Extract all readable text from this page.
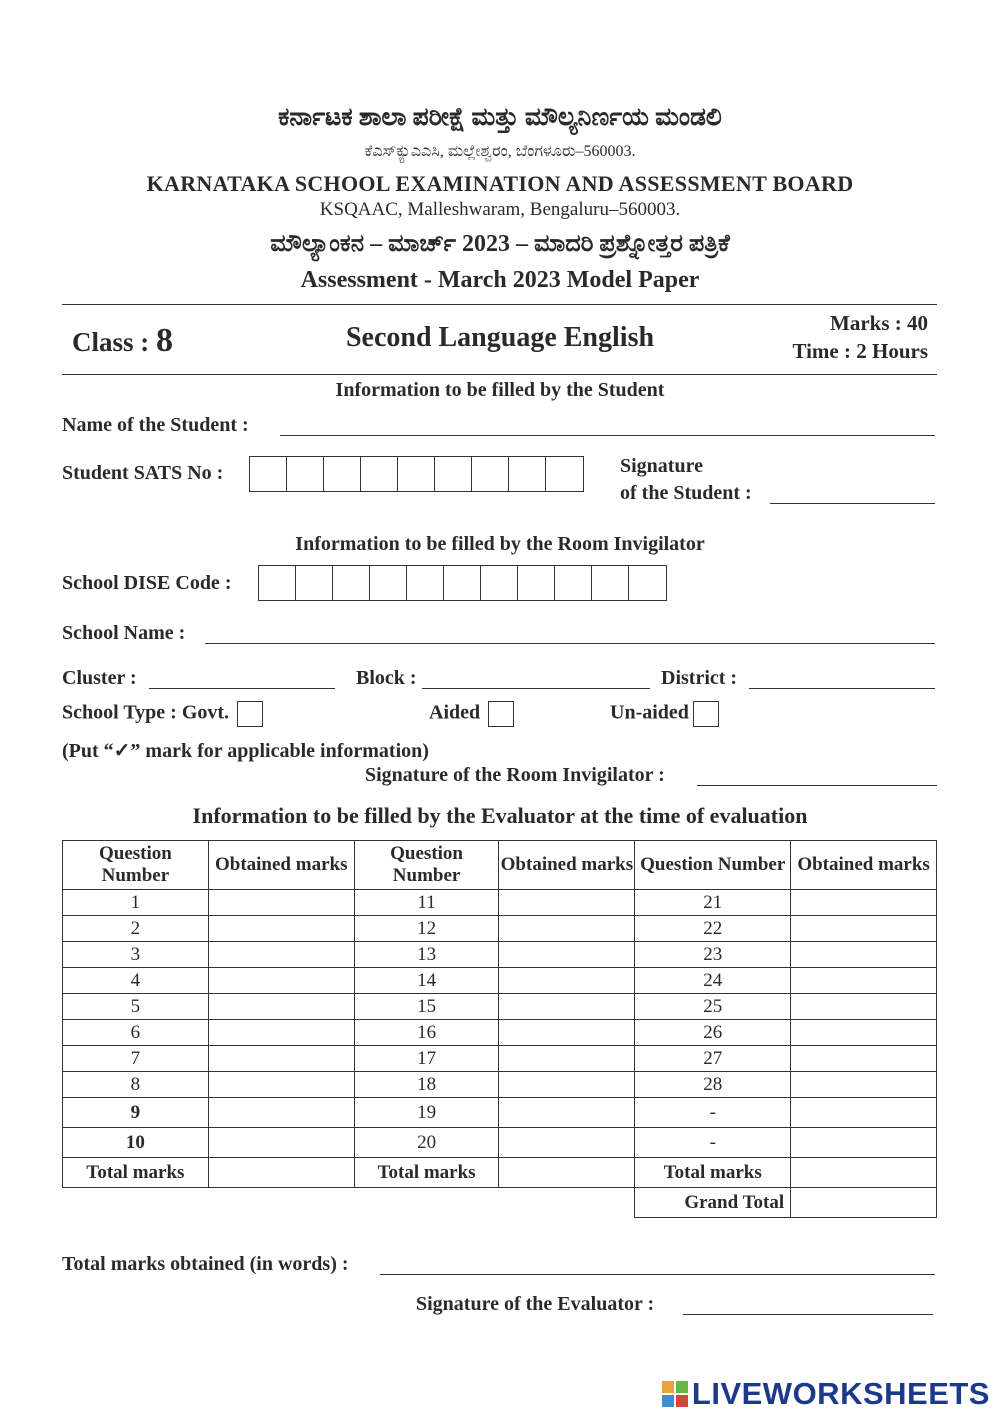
ಕರ್ನಾಟಕ ಶಾಲಾ ಪರೀಕ್ಷೆ ಮತ್ತು ಮೌಲ್ಯನಿರ್ಣಯ ಮಂಡಲಿ
ಕೆಎಸ್‌ಕ್ಯುಎಎಸಿ, ಮಲ್ಲೇಶ್ವರಂ, ಬೆಂಗಳೂರು–560003.
KARNATAKA SCHOOL EXAMINATION AND ASSESSMENT BOARD
KSQAAC, Malleshwaram, Bengaluru–560003.
ಮೌಲ್ಯಾಂಕನ – ಮಾರ್ಚ್ 2023 – ಮಾದರಿ ಪ್ರಶ್ನೋತ್ತರ ಪತ್ರಿಕೆ
Assessment - March 2023 Model Paper
Class : 8	Second Language English	Marks : 40
Time : 2 Hours
Information to be filled by the Student
Name of the Student :
Student SATS No :	Signature
of the Student :
Information to be filled by the Room Invigilator
School DISE Code :
School Name :
Cluster :	Block :	District :
School Type : Govt.	Aided	Un-aided
(Put “✓” mark for applicable information)
Signature of the Room Invigilator :
Information to be filled by the Evaluator at the time of evaluation
Question Number	Obtained marks	Question Number	Obtained marks	Question Number	Obtained marks
1		11		21	
2		12		22	
3		13		23	
4		14		24	
5		15		25	
6		16		26	
7		17		27	
8		18		28	
9		19		-	
10		20		-	
Total marks		Total marks		Total marks	
				Grand Total	
Total marks obtained (in words) :
Signature of the Evaluator :
LIVEWORKSHEETS
